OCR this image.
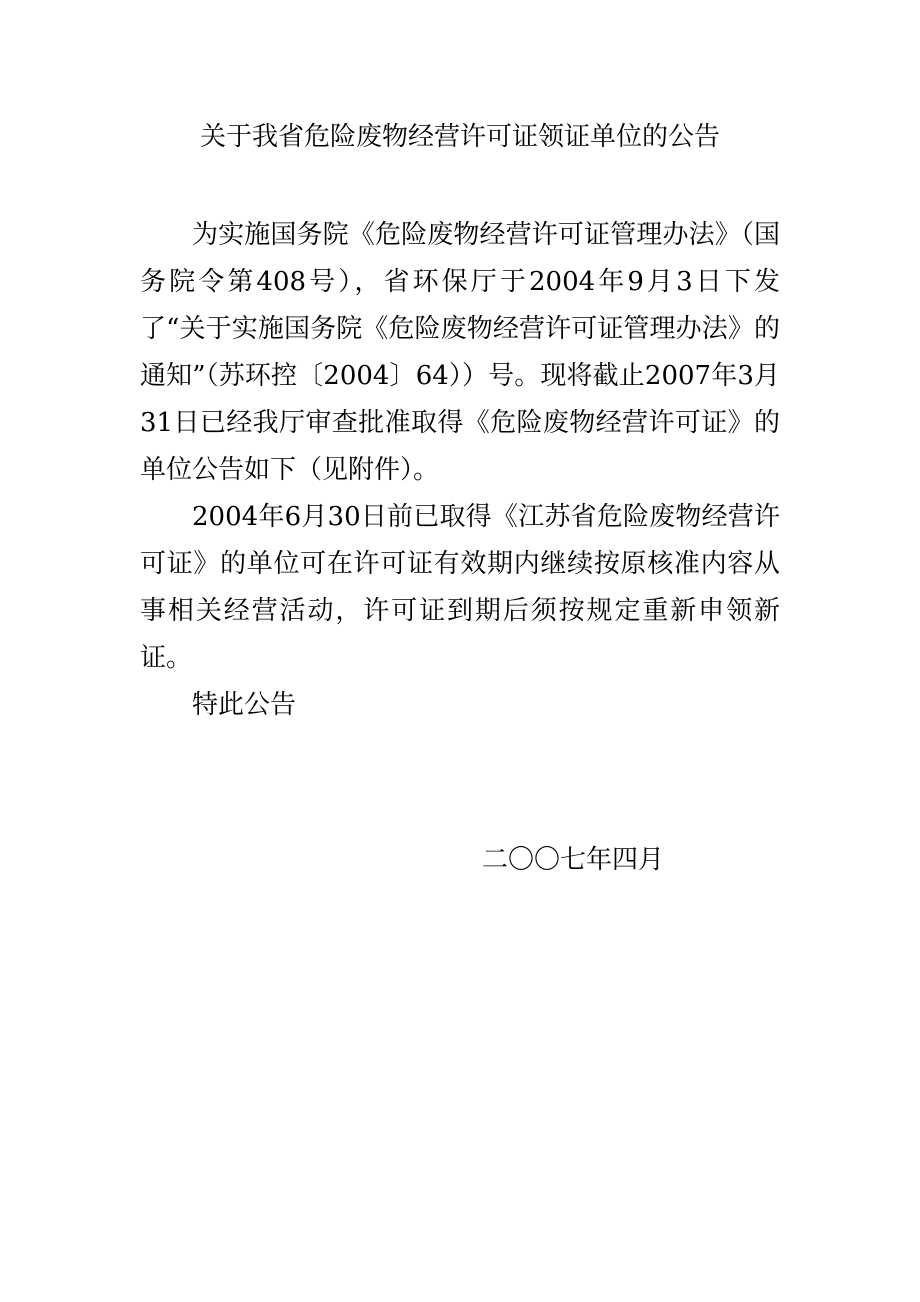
关于我省危险废物经营许可证领证单位的公告

为实施国务院《危险废物经营许可证管理办法》（国务院令第408号），省环保厅于2004年9月3日下发了“关于实施国务院《危险废物经营许可证管理办法》的通知”（苏环控〔2004〕64））号。现将截止2007年3月31日已经我厅审查批准取得《危险废物经营许可证》的单位公告如下（见附件）。

2004年6月30日前已取得《江苏省危险废物经营许可证》的单位可在许可证有效期内继续按原核准内容从事相关经营活动，许可证到期后须按规定重新申领新证。

特此公告

二〇〇七年四月
